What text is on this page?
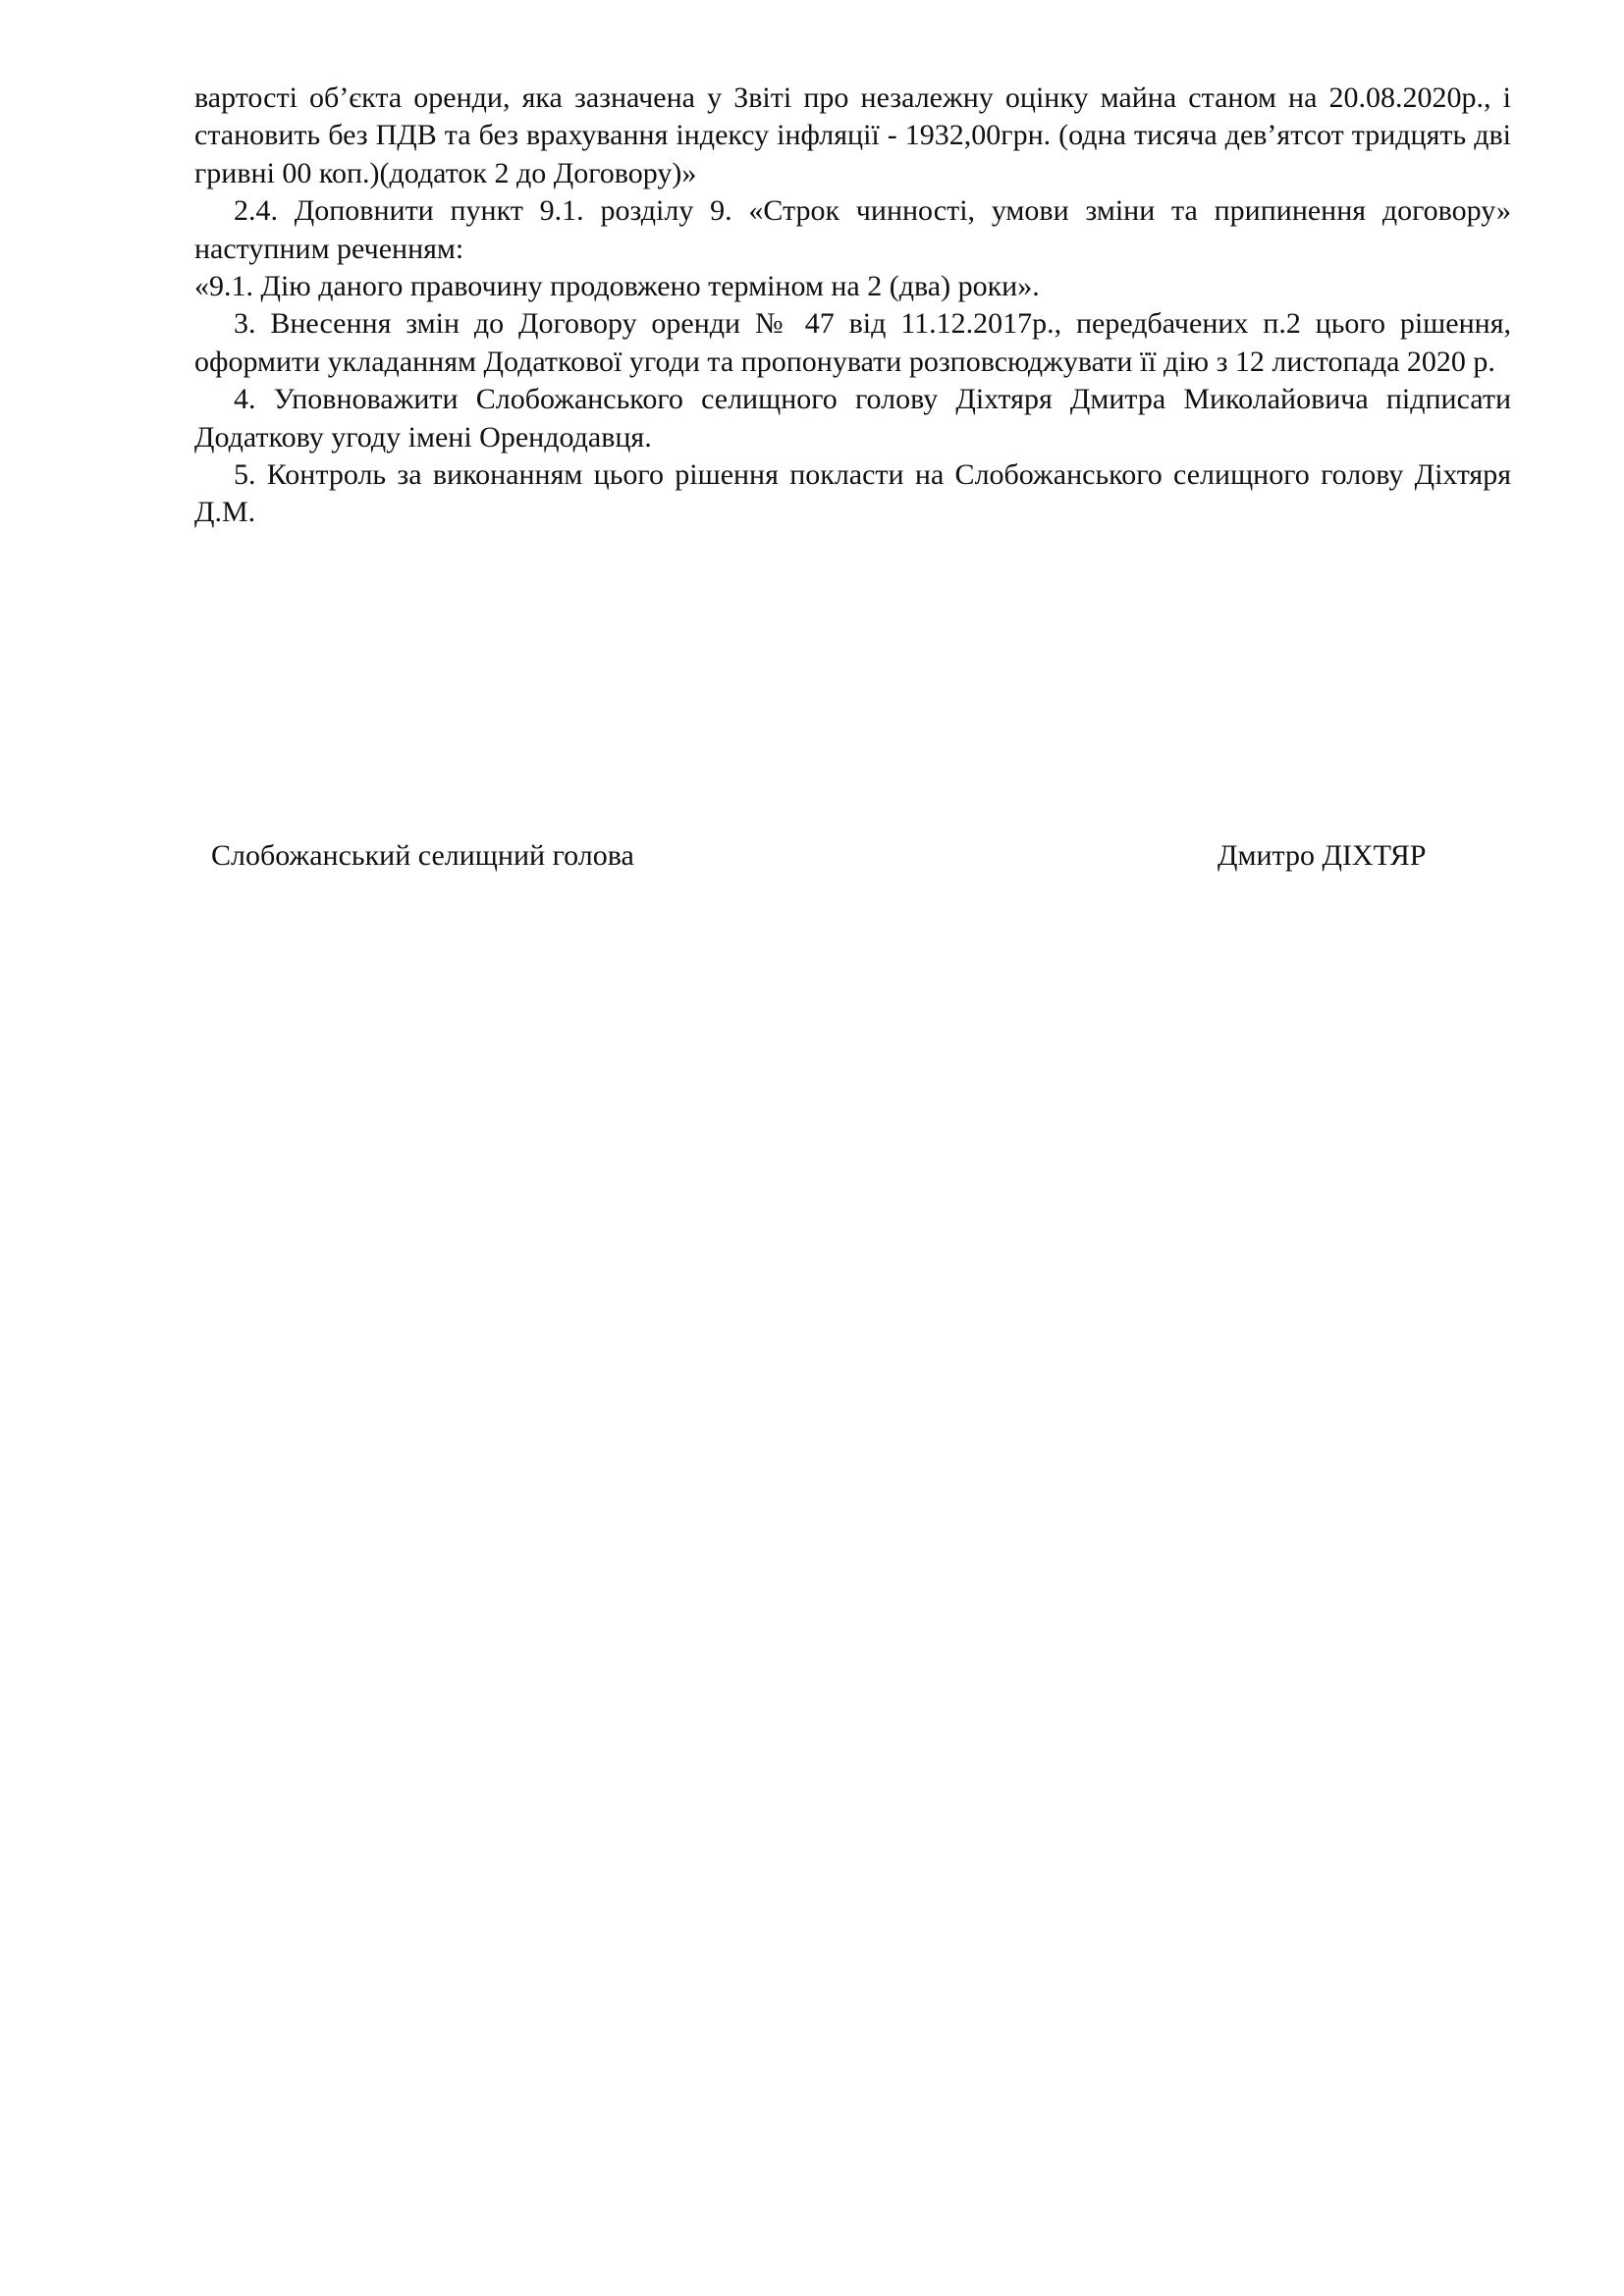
вартості об’єкта оренди, яка зазначена у Звіті про незалежну оцінку майна станом на 20.08.2020р., і становить без ПДВ та без врахування індексу інфляції - 1932,00грн. (одна тисяча дев’ятсот тридцять дві гривні 00 коп.)(додаток 2 до Договору)»

2.4. Доповнити пункт 9.1. розділу 9. «Строк чинності, умови зміни та припинення договору» наступним реченням:

«9.1. Дію даного правочину продовжено терміном на 2 (два) роки».

3. Внесення змін до Договору оренди № 47 від 11.12.2017р., передбачених п.2 цього рішення, оформити укладанням Додаткової угоди та пропонувати розповсюджувати її дію з 12 листопада 2020 р.

4. Уповноважити Слобожанського селищного голову Діхтяря Дмитра Миколайовича підписати Додаткову угоду імені Орендодавця.

5. Контроль за виконанням цього рішення покласти на Слобожанського селищного голову Діхтяря Д.М.

Слобожанський селищний голова	Дмитро ДІХТЯР
